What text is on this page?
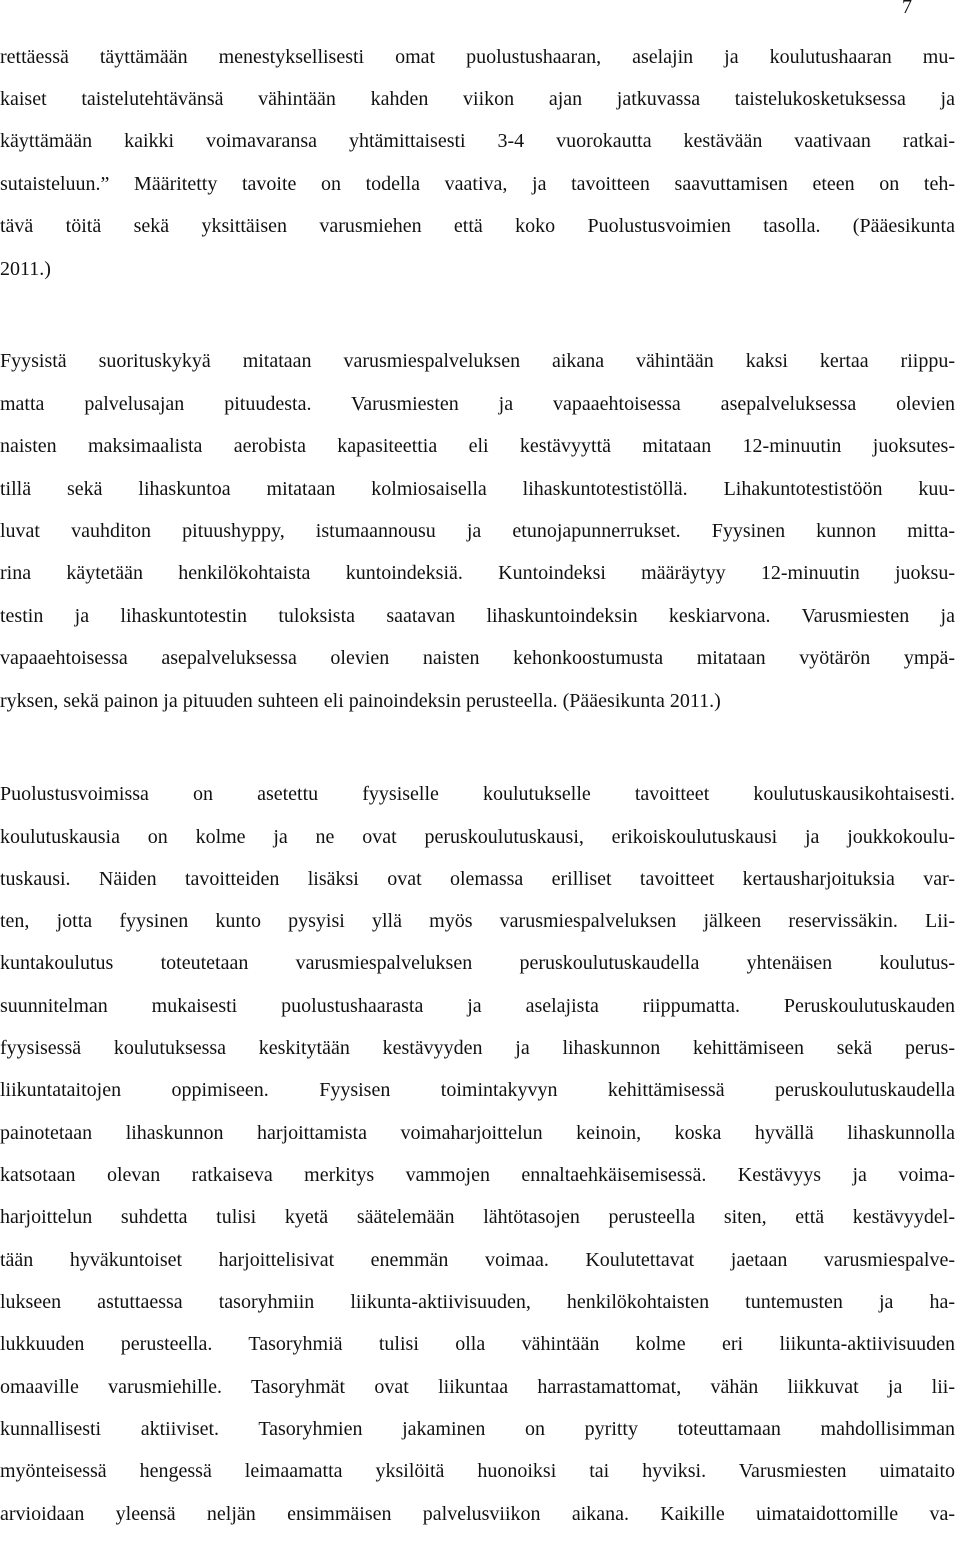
7
rettäessä täyttämään menestyksellisesti omat puolustushaaran, aselajin ja koulutushaaran mu-
kaiset taistelutehtävänsä vähintään kahden viikon ajan jatkuvassa taistelukosketuksessa ja
käyttämään kaikki voimavaransa yhtämittaisesti 3-4 vuorokautta kestävään vaativaan ratkai-
sutaisteluun.” Määritetty tavoite on todella vaativa, ja tavoitteen saavuttamisen eteen on teh-
tävä töitä sekä yksittäisen varusmiehen että koko Puolustusvoimien tasolla. (Pääesikunta
2011.)
Fyysistä suorituskykyä mitataan varusmiespalveluksen aikana vähintään kaksi kertaa riippu-
matta palvelusajan pituudesta. Varusmiesten ja vapaaehtoisessa asepalveluksessa olevien
naisten maksimaalista aerobista kapasiteettia eli kestävyyttä mitataan 12-minuutin juoksutes-
tillä sekä lihaskuntoa mitataan kolmiosaisella lihaskuntotestistöllä. Lihakuntotestistöön kuu-
luvat vauhditon pituushyppy, istumaannousu ja etunojapunnerrukset. Fyysinen kunnon mitta-
rina käytetään henkilökohtaista kuntoindeksiä. Kuntoindeksi määräytyy 12-minuutin juoksu-
testin ja lihaskuntotestin tuloksista saatavan lihaskuntoindeksin keskiarvona. Varusmiesten ja
vapaaehtoisessa asepalveluksessa olevien naisten kehonkoostumusta mitataan vyötärön ympä-
ryksen, sekä painon ja pituuden suhteen eli painoindeksin perusteella. (Pääesikunta 2011.)
Puolustusvoimissa on asetettu fyysiselle koulutukselle tavoitteet koulutuskausikohtaisesti.
koulutuskausia on kolme ja ne ovat peruskoulutuskausi, erikoiskoulutuskausi ja joukkokoulu-
tuskausi. Näiden tavoitteiden lisäksi ovat olemassa erilliset tavoitteet kertausharjoituksia var-
ten, jotta fyysinen kunto pysyisi yllä myös varusmiespalveluksen jälkeen reservissäkin. Lii-
kuntakoulutus toteutetaan varusmiespalveluksen peruskoulutuskaudella yhtenäisen koulutus-
suunnitelman mukaisesti puolustushaarasta ja aselajista riippumatta. Peruskoulutuskauden
fyysisessä koulutuksessa keskitytään kestävyyden ja lihaskunnon kehittämiseen sekä perus-
liikuntataitojen oppimiseen. Fyysisen toimintakyvyn kehittämisessä peruskoulutuskaudella
painotetaan lihaskunnon harjoittamista voimaharjoittelun keinoin, koska hyvällä lihaskunnolla
katsotaan olevan ratkaiseva merkitys vammojen ennaltaehkäisemisessä. Kestävyys ja voima-
harjoittelun suhdetta tulisi kyetä säätelemään lähtötasojen perusteella siten, että kestävyydel-
tään hyväkuntoiset harjoittelisivat enemmän voimaa. Koulutettavat jaetaan varusmiespalve-
lukseen astuttaessa tasoryhmiin liikunta-aktiivisuuden, henkilökohtaisten tuntemusten ja ha-
lukkuuden perusteella. Tasoryhmiä tulisi olla vähintään kolme eri liikunta-aktiivisuuden
omaaville varusmiehille. Tasoryhmät ovat liikuntaa harrastamattomat, vähän liikkuvat ja lii-
kunnallisesti aktiiviset. Tasoryhmien jakaminen on pyritty toteuttamaan mahdollisimman
myönteisessä hengessä leimaamatta yksilöitä huonoiksi tai hyviksi. Varusmiesten uimataito
arvioidaan yleensä neljän ensimmäisen palvelusviikon aikana. Kaikille uimataidottomille va-
